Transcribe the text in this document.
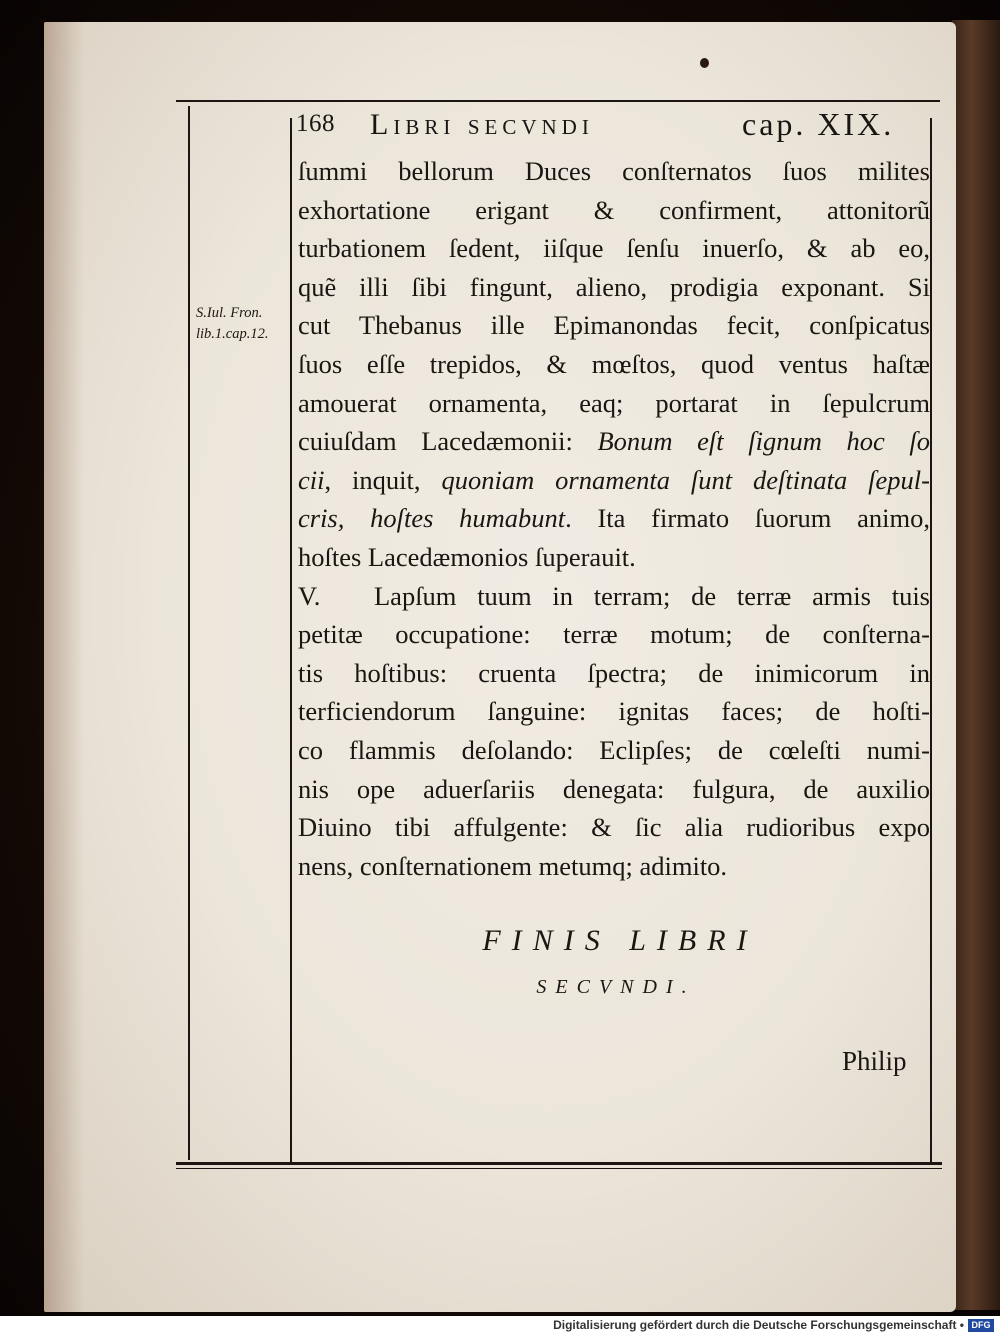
168 Libri secvndi	cap. XIX.
S.Iul. Fron.
lib.1.cap.12.
ſummi bellorum Duces conſternatos ſuos milites
exhortatione erigant & confirment, attonitorũ
turbationem ſedent, iiſque ſenſu inuerſo, & ab eo,
quẽ illi ſibi fingunt, alieno, prodigia exponant. Si
cut Thebanus ille Epimanondas fecit, conſpicatus
ſuos eſſe trepidos, & mœſtos, quod ventus haſtæ
amouerat ornamenta, eaq; portarat in ſepulcrum
cuiuſdam Lacedæmonii: Bonum eſt ſignum hoc ſo
cii, inquit, quoniam ornamenta ſunt deſtinata ſepul-
cris, hoſtes humabunt. Ita firmato ſuorum animo,
hoſtes Lacedæmonios ſuperauit.
V. Lapſum tuum in terram; de terræ armis tuis
petitæ occupatione: terræ motum; de conſterna-
tis hoſtibus: cruenta ſpectra; de inimicorum in
terficiendorum ſanguine: ignitas faces; de hoſti-
co flammis deſolando: Eclipſes; de cœleſti numi-
nis ope aduerſariis denegata: fulgura, de auxilio
Diuino tibi affulgente: & ſic alia rudioribus expo
nens, conſternationem metumq; adimito.
FINIS LIBRI
SECVNDI.
Philip
Digitalisierung gefördert durch die Deutsche Forschungsgemeinschaft • DFG
